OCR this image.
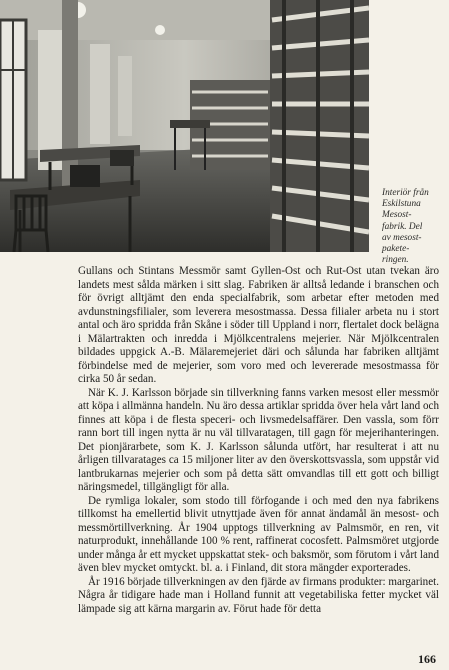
Interiör från
Eskilstuna
Mesost-
fabrik. Del
av mesost-
paketе-
ringen.

Gullans och Stintans Messmör samt Gyllen-Ost och Rut-Ost utan tvekan äro landets mest sålda märken i sitt slag. Fabriken är alltså ledande i branschen och för övrigt alltjämt den enda specialfabrik, som arbetar efter metoden med avdunstningsfilialer, som leverera mesostmassa. Dessa filialer arbeta nu i stort antal och äro spridda från Skåne i söder till Uppland i norr, flertalet dock belägna i Mälartrakten och inredda i Mjölkcentralens mejerier. När Mjölkcentralen bildades uppgick A.-B. Mälaremejeriet däri och sålunda har fabriken alltjämt förbindelse med de mejerier, som voro med och levererade mesostmassa för cirka 50 år sedan.

När K. J. Karlsson började sin tillverkning fanns varken mesost eller messmör att köpa i allmänna handeln. Nu äro dessa artiklar spridda över hela vårt land och finnes att köpa i de flesta speceri- och livsmedelsaffärer. Den vassla, som förr rann bort till ingen nytta är nu väl tillvaratagen, till gagn för mejerihanteringen. Det pionjärarbete, som K. J. Karlsson sålunda utfört, har resulterat i att nu årligen tillvaratages ca 15 miljoner liter av den överskottsvassla, som uppstår vid lantbrukarnas mejerier och som på detta sätt omvandlas till ett gott och billigt näringsmedel, tillgängligt för alla.

De rymliga lokaler, som stodo till förfogande i och med den nya fabrikens tillkomst ha emellertid blivit utnyttjade även för annat ändamål än mesost- och messmörtillverkning. År 1904 upptogs tillverkning av Palmsmör, en ren, vit naturprodukt, innehållande 100 % rent, raffinerat cocosfett. Palmsmöret utgjorde under många år ett mycket uppskattat stek- och baksmör, som förutom i vårt land även blev mycket omtyckt. bl. a. i Finland, dit stora mängder exporterades.

År 1916 började tillverkningen av den fjärde av firmans produkter: margarinet. Några år tidigare hade man i Holland funnit att vegetabiliska fetter mycket väl lämpade sig att kärna margarin av. Förut hade för detta

166
